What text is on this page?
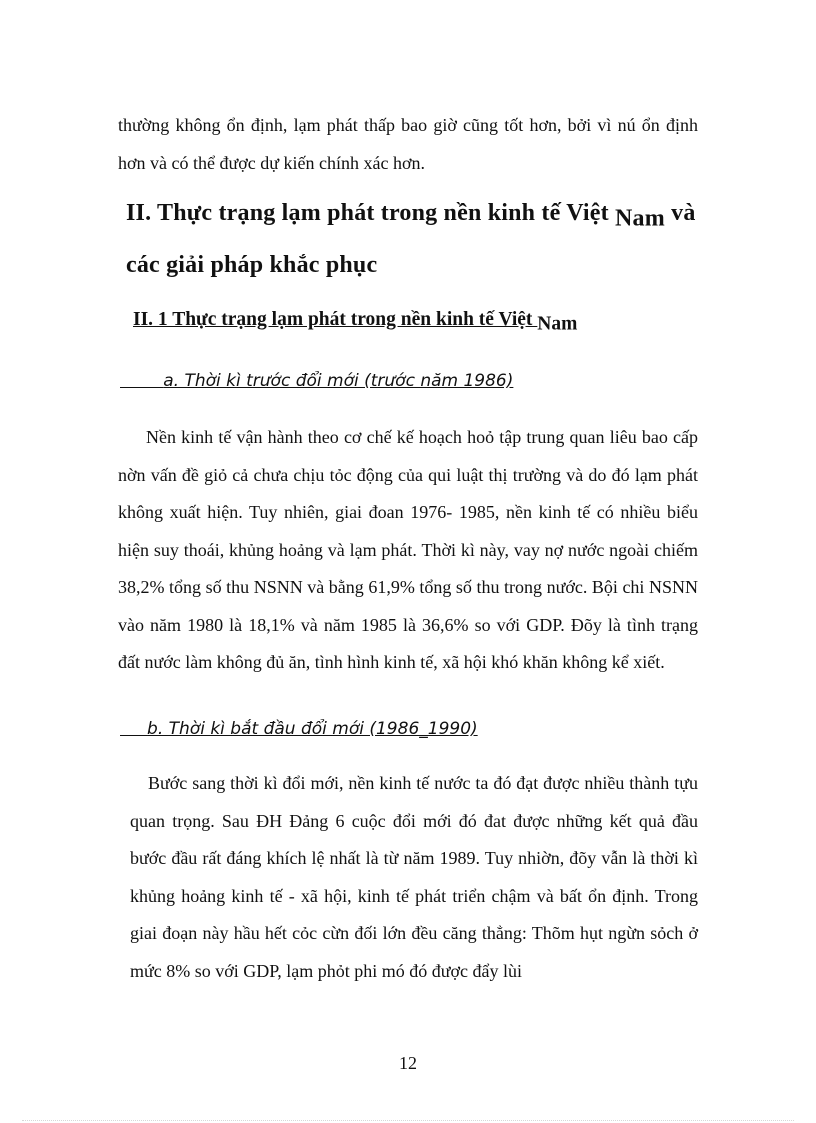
thường không ổn định, lạm phát thấp bao giờ cũng tốt hơn, bởi vì nú ổn định hơn và có thể được dự kiến chính xác hơn.

II. Thực trạng lạm phát trong nền kinh tế Việt Nam và các giải pháp khắc phục
II. 1 Thực trạng lạm phát trong nền kinh tế Việt Nam

a. Thời kì trước đổi mới (trước năm 1986)

Nền kinh tế vận hành theo cơ chế kế hoạch hoỏ tập trung quan liêu bao cấp nờn vấn đề giỏ cả chưa chịu tỏc động của qui luật thị trường và do đó lạm phát không xuất hiện. Tuy nhiên, giai đoan 1976- 1985, nền kinh tế có nhiều biểu hiện suy thoái, khủng hoảng và lạm phát. Thời kì này, vay nợ nước ngoài chiếm 38,2% tổng số thu NSNN và bằng 61,9% tổng số thu trong nước. Bội chi NSNN vào năm 1980 là 18,1% và năm 1985 là 36,6% so với GDP. Đõy là tình trạng đất nước làm không đủ ăn, tình hình kinh tế, xã hội khó khăn không kể xiết.

b. Thời kì bắt đầu đổi mới (1986_1990)

Bước sang thời kì đổi mới, nền kinh tế nước ta đó đạt được nhiều thành tựu quan trọng. Sau ĐH Đảng 6 cuộc đổi mới đó đat được những kết quả đầu bước đầu rất đáng khích lệ nhất là từ năm 1989. Tuy nhiờn, đõy vẫn là thời kì khủng hoảng kinh tế - xã hội, kinh tế phát triển chậm và bất ổn định. Trong giai đoạn này hầu hết cỏc cừn đối lớn đều căng thẳng: Thõm hụt ngừn sỏch ở mức 8% so với GDP, lạm phỏt phi mó đó được đẩy lùi

12
